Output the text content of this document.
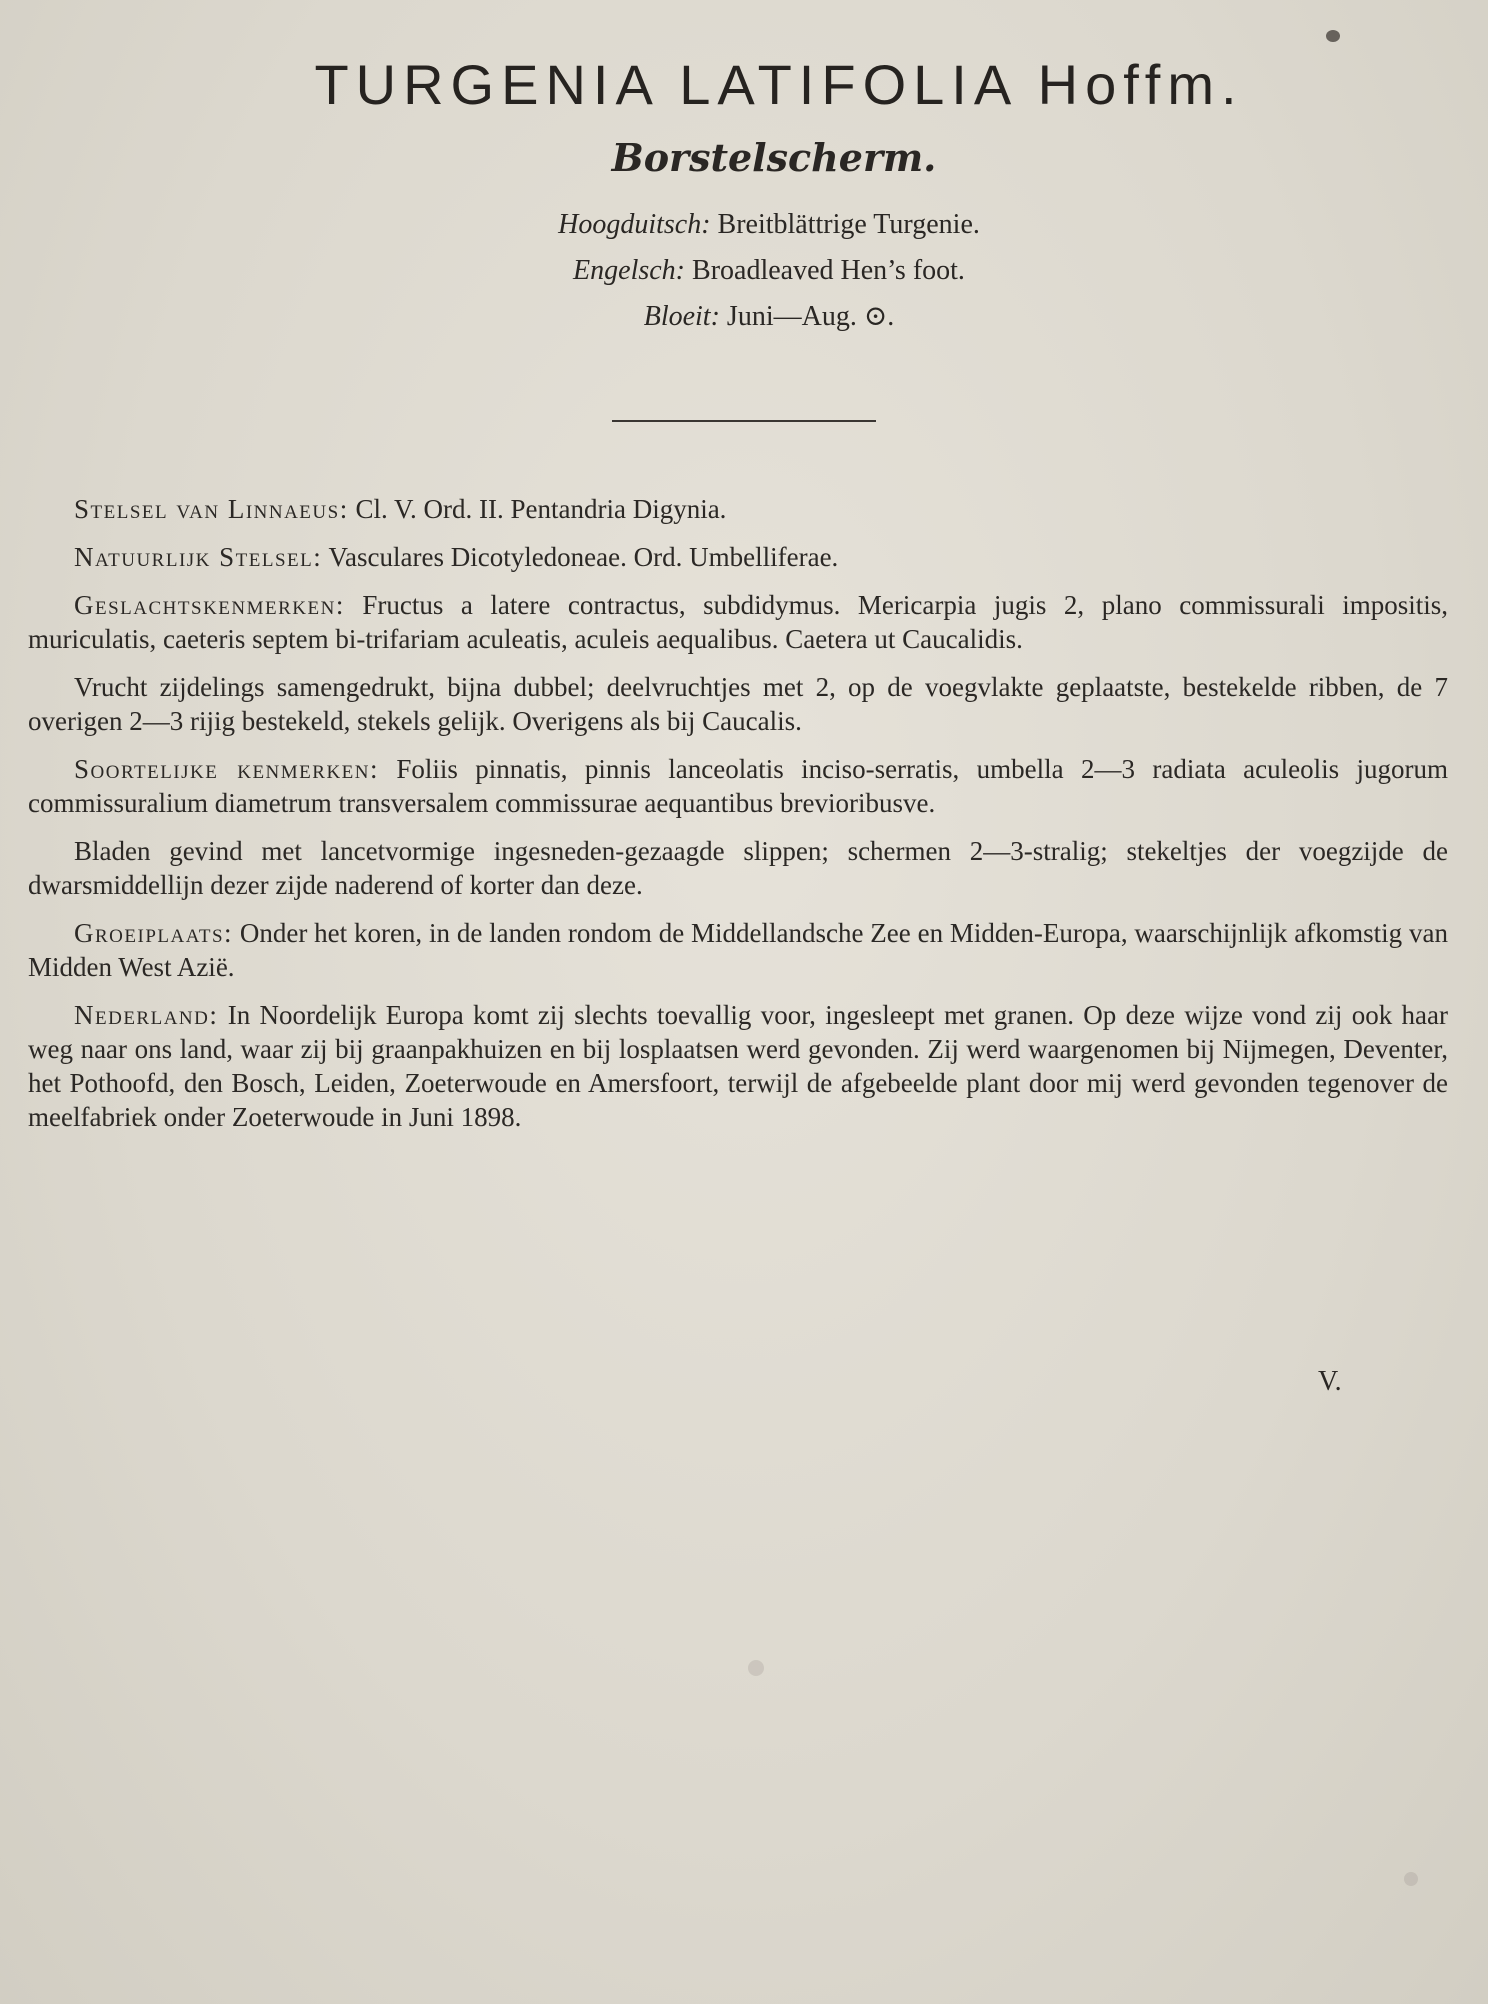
TURGENIA LATIFOLIA Hoffm.
Borstelscherm.
Hoogduitsch: Breitblättrige Turgenie.
Engelsch: Broadleaved Hen’s foot.
Bloeit: Juni—Aug. ⊙.

Stelsel van Linnaeus: Cl. V. Ord. II. Pentandria Digynia.

Natuurlijk Stelsel: Vasculares Dicotyledoneae. Ord. Umbelliferae.

Geslachtskenmerken: Fructus a latere contractus, subdidymus. Mericarpia jugis 2, plano commissurali impositis, muriculatis, caeteris septem bi-trifariam aculeatis, aculeis aequalibus. Caetera ut Caucalidis.

Vrucht zijdelings samengedrukt, bijna dubbel; deelvruchtjes met 2, op de voegvlakte geplaatste, bestekelde ribben, de 7 overigen 2—3 rijig bestekeld, stekels gelijk. Overigens als bij Caucalis.

Soortelijke kenmerken: Foliis pinnatis, pinnis lanceolatis inciso-serratis, umbella 2—3 radiata aculeolis jugorum commissuralium diametrum transversalem commissurae aequantibus brevioribusve.

Bladen gevind met lancetvormige ingesneden-gezaagde slippen; schermen 2—3-stralig; stekeltjes der voegzijde de dwarsmiddellijn dezer zijde naderend of korter dan deze.

Groeiplaats: Onder het koren, in de landen rondom de Middellandsche Zee en Midden-Europa, waarschijnlijk afkomstig van Midden West Azië.

Nederland: In Noordelijk Europa komt zij slechts toevallig voor, ingesleept met granen. Op deze wijze vond zij ook haar weg naar ons land, waar zij bij graanpakhuizen en bij losplaatsen werd gevonden. Zij werd waargenomen bij Nijmegen, Deventer, het Pothoofd, den Bosch, Leiden, Zoeterwoude en Amersfoort, terwijl de afgebeelde plant door mij werd gevonden tegenover de meelfabriek onder Zoeterwoude in Juni 1898.

V.
